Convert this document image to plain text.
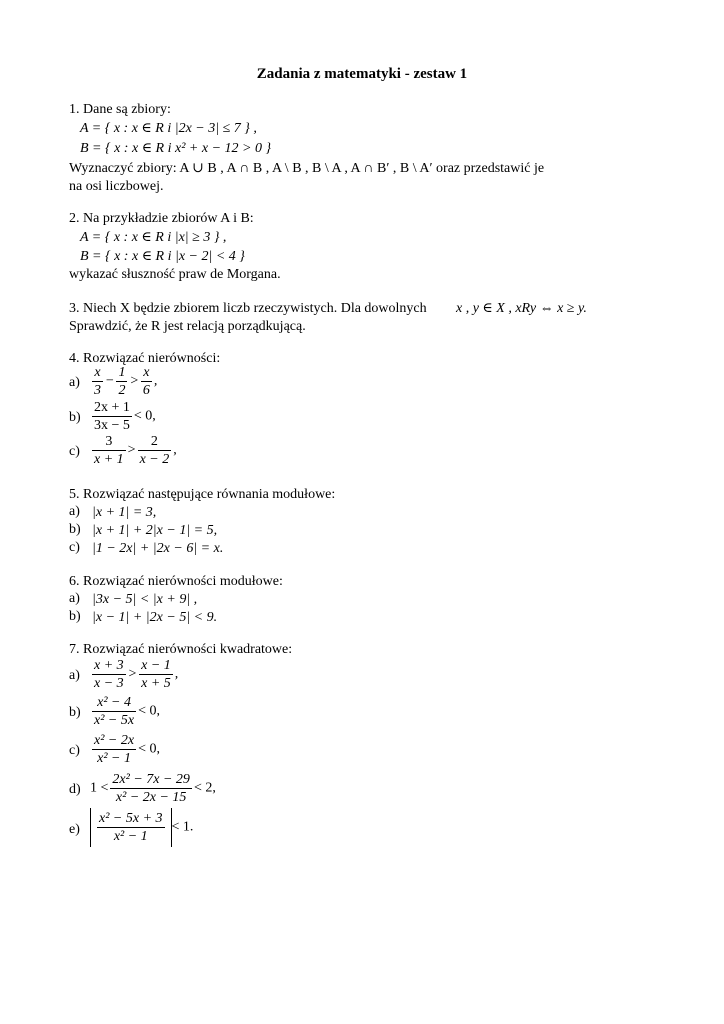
Zadania z matematyki - zestaw 1
1. Dane są zbiory:
A = { x : x ∈ R i |2x − 3| ≤ 7 } ,
B = { x : x ∈ R i x² + x − 12 > 0 }
Wyznaczyć zbiory: A ∪ B , A ∩ B , A \ B , B \ A , A ∩ B′ , B \ A′ oraz przedstawić je
na osi liczbowej.
2. Na przykładzie zbiorów A i B:
A = { x : x ∈ R i |x| ≥ 3 } ,
B = { x : x ∈ R i |x − 2| < 4 }
wykazać słuszność praw de Morgana.
3. Niech X będzie zbiorem liczb rzeczywistych. Dla dowolnych x , y ∈ X , xRy ⇔ x ≥ y.
Sprawdzić, że R jest relacją porządkującą.
4. Rozwiązać nierówności:
$a) \frac{x}{3} - \frac{1}{2} > \frac{x}{6}$ ,
$b) \frac{2x + 1}{3x - 5} < 0$,
$c) \frac{3}{x + 1} > \frac{2}{x - 2}$ ,
5. Rozwiązać następujące równania modułowe:
a) |x + 1| = 3,
b) |x + 1| + 2|x − 1| = 5,
c) |1 − 2x| + |2x − 6| = x.
6. Rozwiązać nierówności modułowe:
a) |3x − 5| < |x + 9| ,
b) |x − 1| + |2x − 5| < 9.
7. Rozwiązać nierówności kwadratowe:
$a) \frac{x + 3}{x - 3} > \frac{x - 1}{x + 5}$ ,
$b) \frac{\text{x² − 4}}{\text{x² − 5x}} < 0$,
$c) \frac{\text{x² − 2x}}{\text{x² − 1}} < 0$,
d) $1 < \frac{\text{2x² − 7x − 29}}{\text{x² − 2x − 15}} < 2$,
$e) \frac{\text{x² − 5x + 3}}{\text{x² − 1}} < 1$.
